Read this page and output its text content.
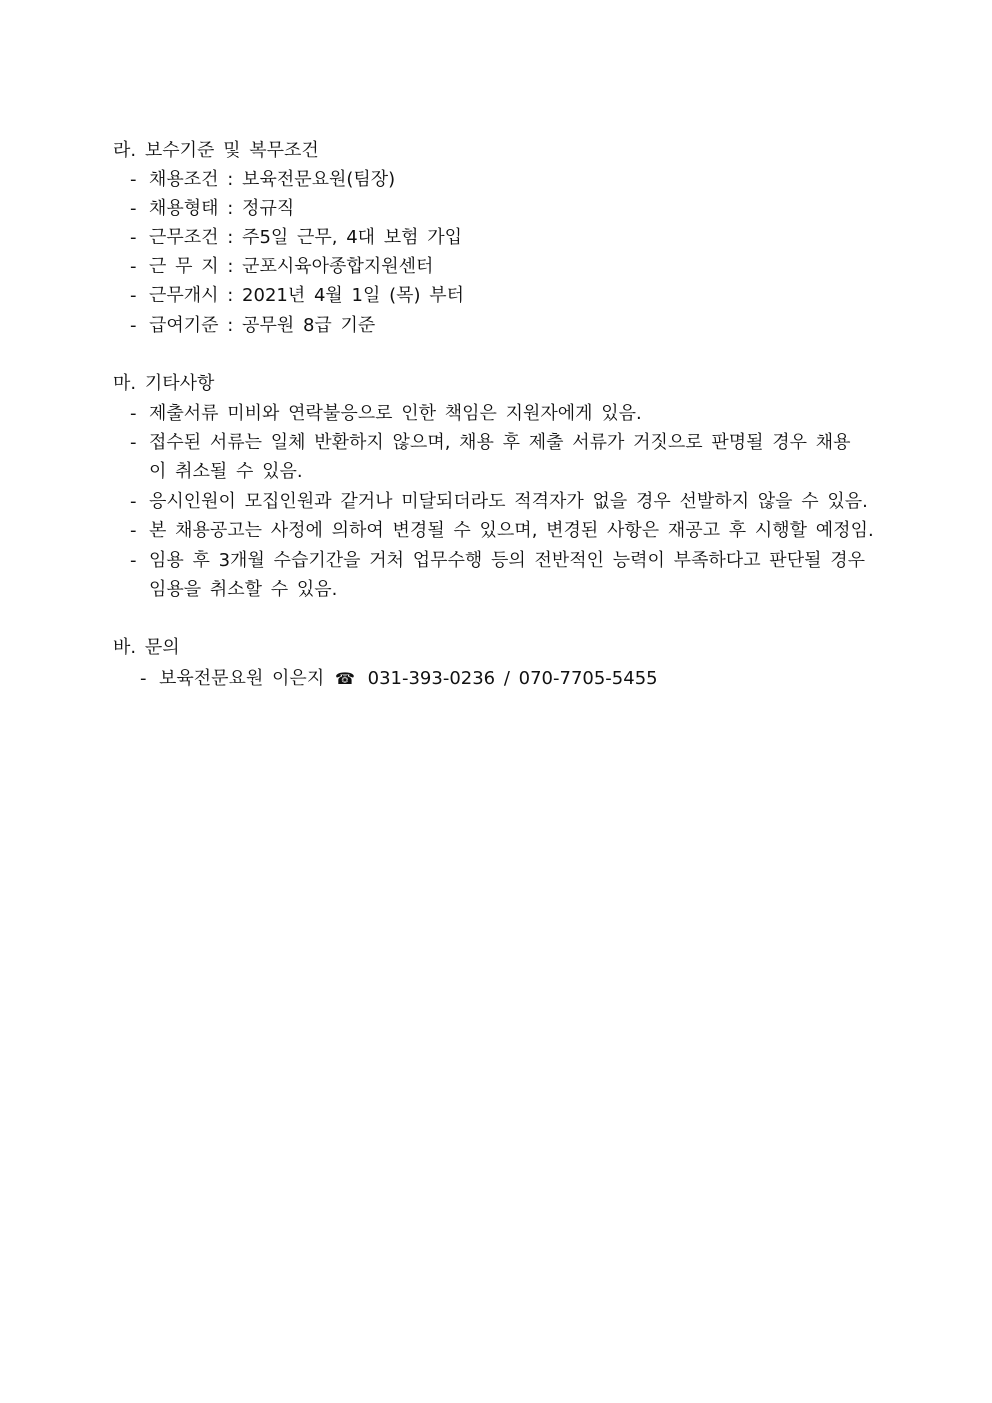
라. 보수기준 및 복무조건
- 채용조건 : 보육전문요원(팀장)
- 채용형태 : 정규직
- 근무조건 : 주5일 근무, 4대 보험 가입
- 근 무 지 : 군포시육아종합지원센터
- 근무개시 : 2021년 4월 1일 (목) 부터
- 급여기준 : 공무원 8급 기준
마. 기타사항
- 제출서류 미비와 연락불응으로 인한 책임은 지원자에게 있음.
- 접수된 서류는 일체 반환하지 않으며, 채용 후 제출 서류가 거짓으로 판명될 경우 채용
이 취소될 수 있음.
- 응시인원이 모집인원과 같거나 미달되더라도 적격자가 없을 경우 선발하지 않을 수 있음.
- 본 채용공고는 사정에 의하여 변경될 수 있으며, 변경된 사항은 재공고 후 시행할 예정임.
- 임용 후 3개월 수습기간을 거처 업무수행 등의 전반적인 능력이 부족하다고 판단될 경우
임용을 취소할 수 있음.
바. 문의
- 보육전문요원 이은지 ☎ 031-393-0236 / 070-7705-5455
